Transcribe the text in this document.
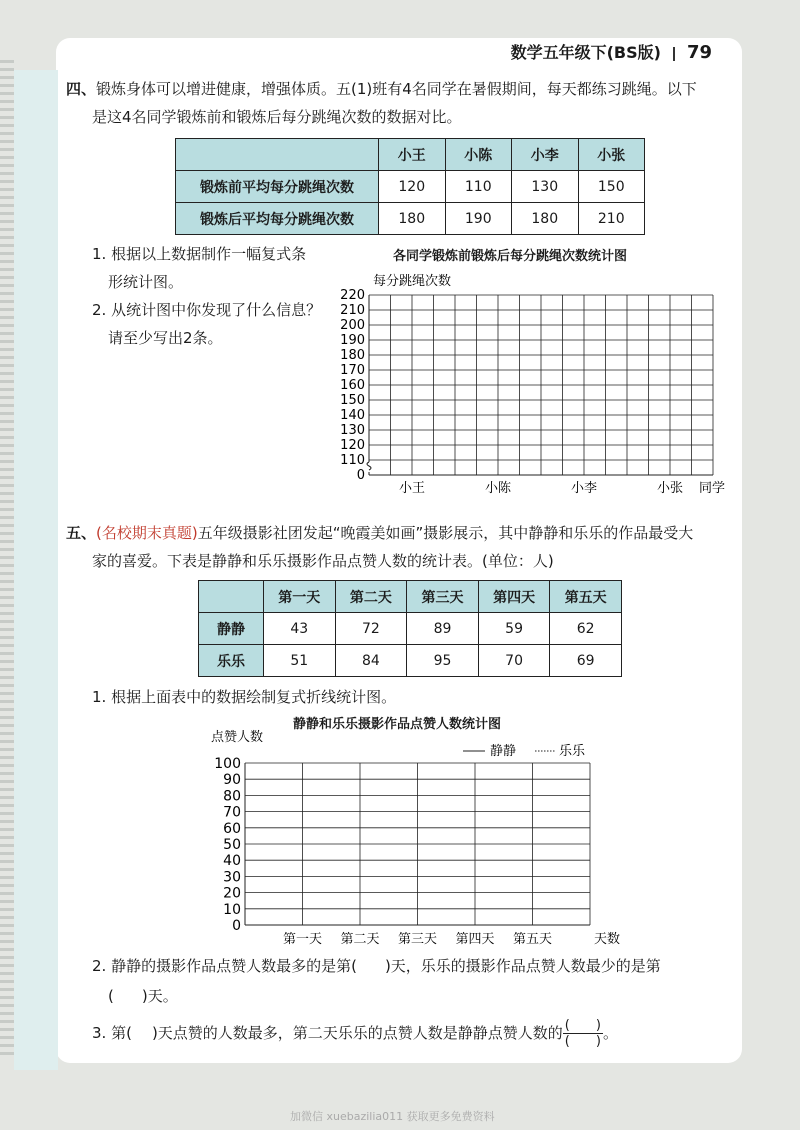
数学五年级下(BS版) 79
四、锻炼身体可以增进健康，增强体质。五(1)班有4名同学在暑假期间，每天都练习跳绳。以下
是这4名同学锻炼前和锻炼后每分跳绳次数的数据对比。
	小王	小陈	小李	小张
锻炼前平均每分跳绳次数	120	110	130	150
锻炼后平均每分跳绳次数	180	190	180	210
1. 根据以上数据制作一幅复式条
形统计图。
2. 从统计图中你发现了什么信息？
请至少写出2条。
各同学锻炼前锻炼后每分跳绳次数统计图
每分跳绳次数
0
110
120
130
140
150
160
170
180
190
200
210
220
小王	小陈	小李	小张 同学
五、(名校期末真题)五年级摄影社团发起“晚霞美如画”摄影展示，其中静静和乐乐的作品最受大
家的喜爱。下表是静静和乐乐摄影作品点赞人数的统计表。(单位：人)
	第一天	第二天	第三天	第四天	第五天
静静	43	72	89	59	62
乐乐	51	84	95	70	69
1. 根据上面表中的数据绘制复式折线统计图。
静静和乐乐摄影作品点赞人数统计图
点赞人数
静静	乐乐
0
10
20
30
40
50
60
70
80
90
100
第一天 第二天 第三天 第四天 第五天	天数
2. 静静的摄影作品点赞人数最多的是第( )天，乐乐的摄影作品点赞人数最少的是第
( )天。
3. 第( )天点赞的人数最多，第二天乐乐的点赞人数是静静点赞人数的 $\frac{( )}{( )}$ 。
加微信 xuebazilia011 获取更多免费资料
